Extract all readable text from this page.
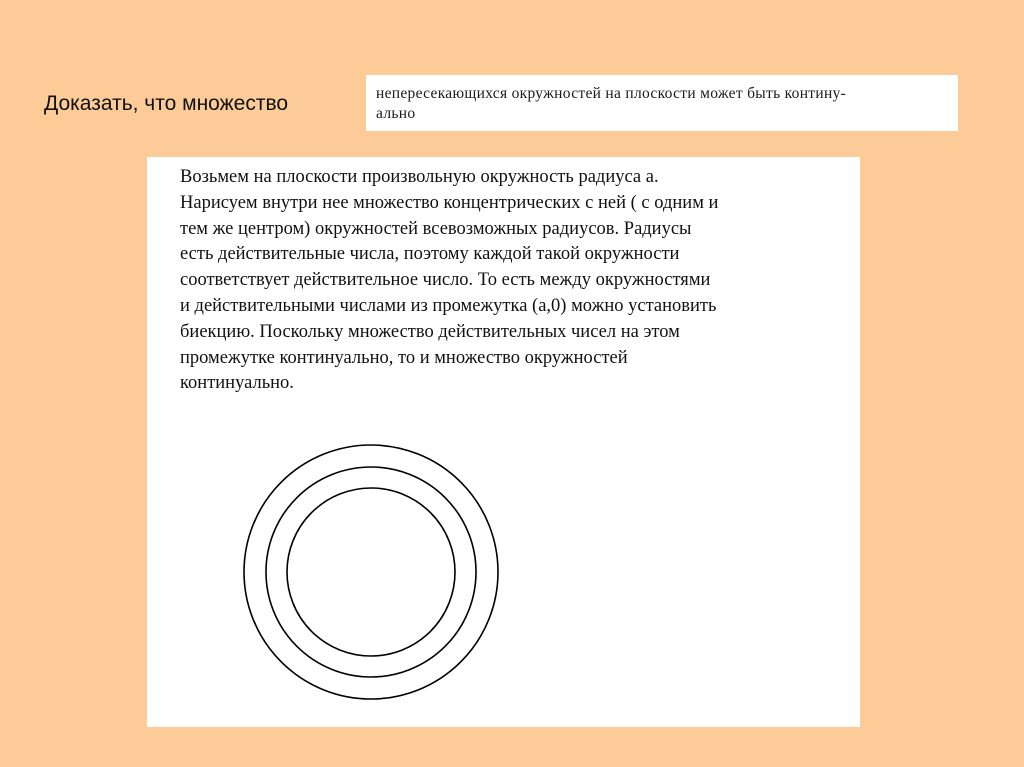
Доказать, что множество	непересекающихся окружностей на плоскости может быть контину-
ально

Возьмем на плоскости произвольную окружность радиуса а.
Нарисуем внутри нее множество концентрических с ней ( с одним и
тем же центром) окружностей всевозможных радиусов. Радиусы
есть действительные числа, поэтому каждой такой окружности
соответствует действительное число. То есть между окружностями
и действительными числами из промежутка (а,0) можно установить
биекцию. Поскольку множество действительных чисел на этом
промежутке континуально, то и множество окружностей
континуально.
